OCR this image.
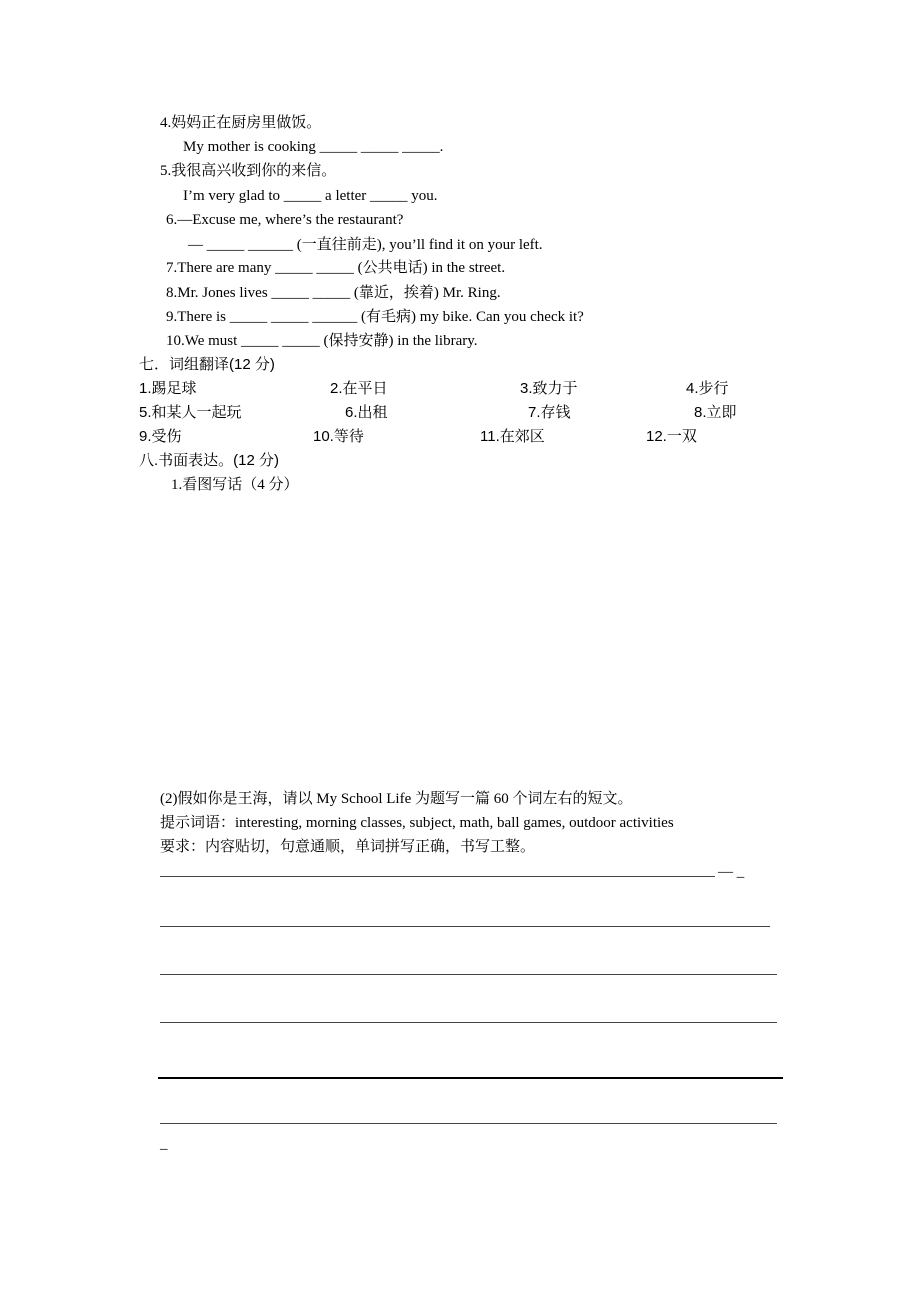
4.妈妈正在厨房里做饭。
My mother is cooking _____ _____ _____.
5.我很高兴收到你的来信。
I’m very glad to _____ a letter _____ you.
6.—Excuse me, where’s the restaurant?
— _____ ______ (一直往前走), you’ll find it on your left.
7.There are many _____ _____ (公共电话) in the street.
8.Mr. Jones lives _____ _____ (靠近，挨着) Mr. Ring.
9.There is _____ _____ ______ (有毛病) my bike. Can you check it?
10.We must _____ _____ (保持安静) in the library.
七．词组翻译(12 分)
1.踢足球	2.在平日	3.致力于	4.步行
5.和某人一起玩	6.出租	7.存钱	8.立即
9.受伤	10.等待	11.在郊区	12.一双
八.书面表达。(12 分)
1.看图写话（4 分）
(2)假如你是王海，请以 My School Life 为题写一篇 60 个词左右的短文。
提示词语：interesting, morning classes, subject, math, ball games, outdoor activities
要求：内容贴切，句意通顺，单词拼写正确，书写工整。
— _
_
